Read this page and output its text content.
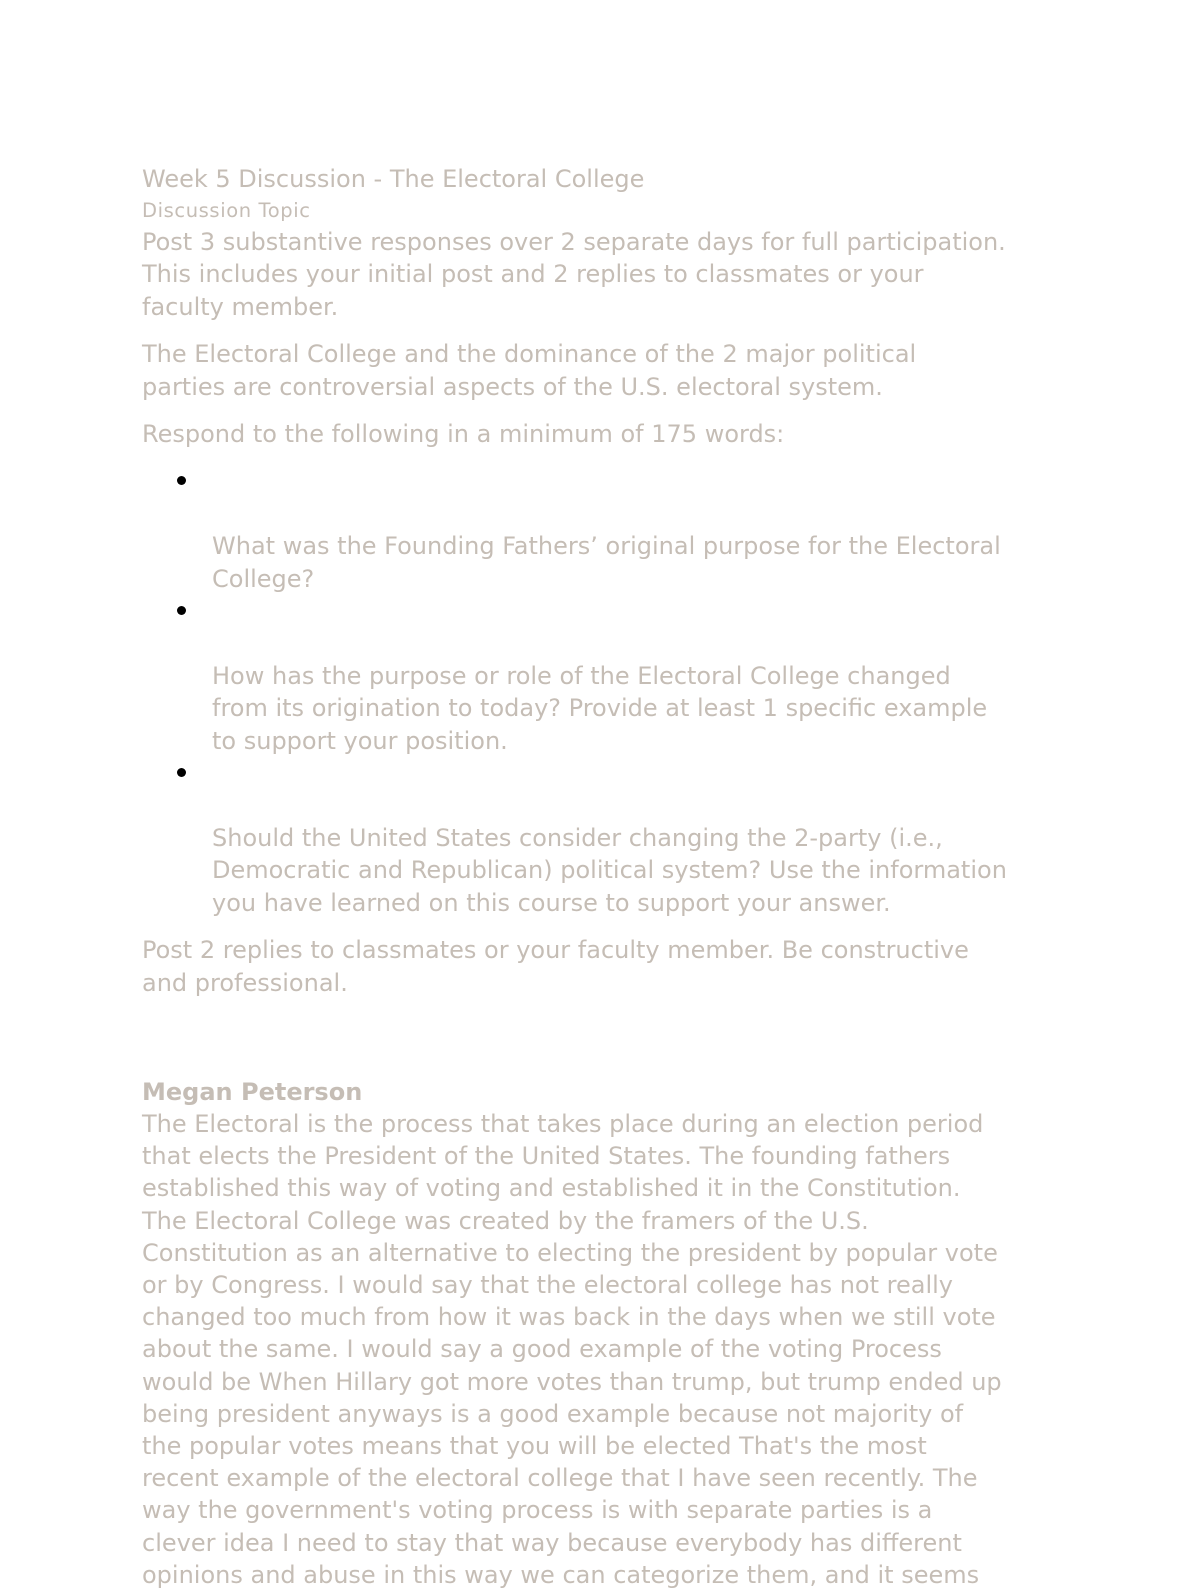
Week 5 Discussion - The Electoral College
Discussion Topic

Post 3 substantive responses over 2 separate days for full participation.
This includes your initial post and 2 replies to classmates or your
faculty member.

The Electoral College and the dominance of the 2 major political
parties are controversial aspects of the U.S. electoral system.

Respond to the following in a minimum of 175 words:

What was the Founding Fathers’ original purpose for the Electoral
College?

How has the purpose or role of the Electoral College changed
from its origination to today? Provide at least 1 specific example
to support your position.

Should the United States consider changing the 2-party (i.e.,
Democratic and Republican) political system? Use the information
you have learned on this course to support your answer.

Post 2 replies to classmates or your faculty member. Be constructive
and professional.

Megan Peterson

The Electoral is the process that takes place during an election period
that elects the President of the United States. The founding fathers
established this way of voting and established it in the Constitution.
The Electoral College was created by the framers of the U.S.
Constitution as an alternative to electing the president by popular vote
or by Congress. I would say that the electoral college has not really
changed too much from how it was back in the days when we still vote
about the same. I would say a good example of the voting Process
would be When Hillary got more votes than trump, but trump ended up
being president anyways is a good example because not majority of
the popular votes means that you will be elected That's the most
recent example of the electoral college that I have seen recently. The
way the government's voting process is with separate parties is a
clever idea I need to stay that way because everybody has different
opinions and abuse in this way we can categorize them, and it seems
